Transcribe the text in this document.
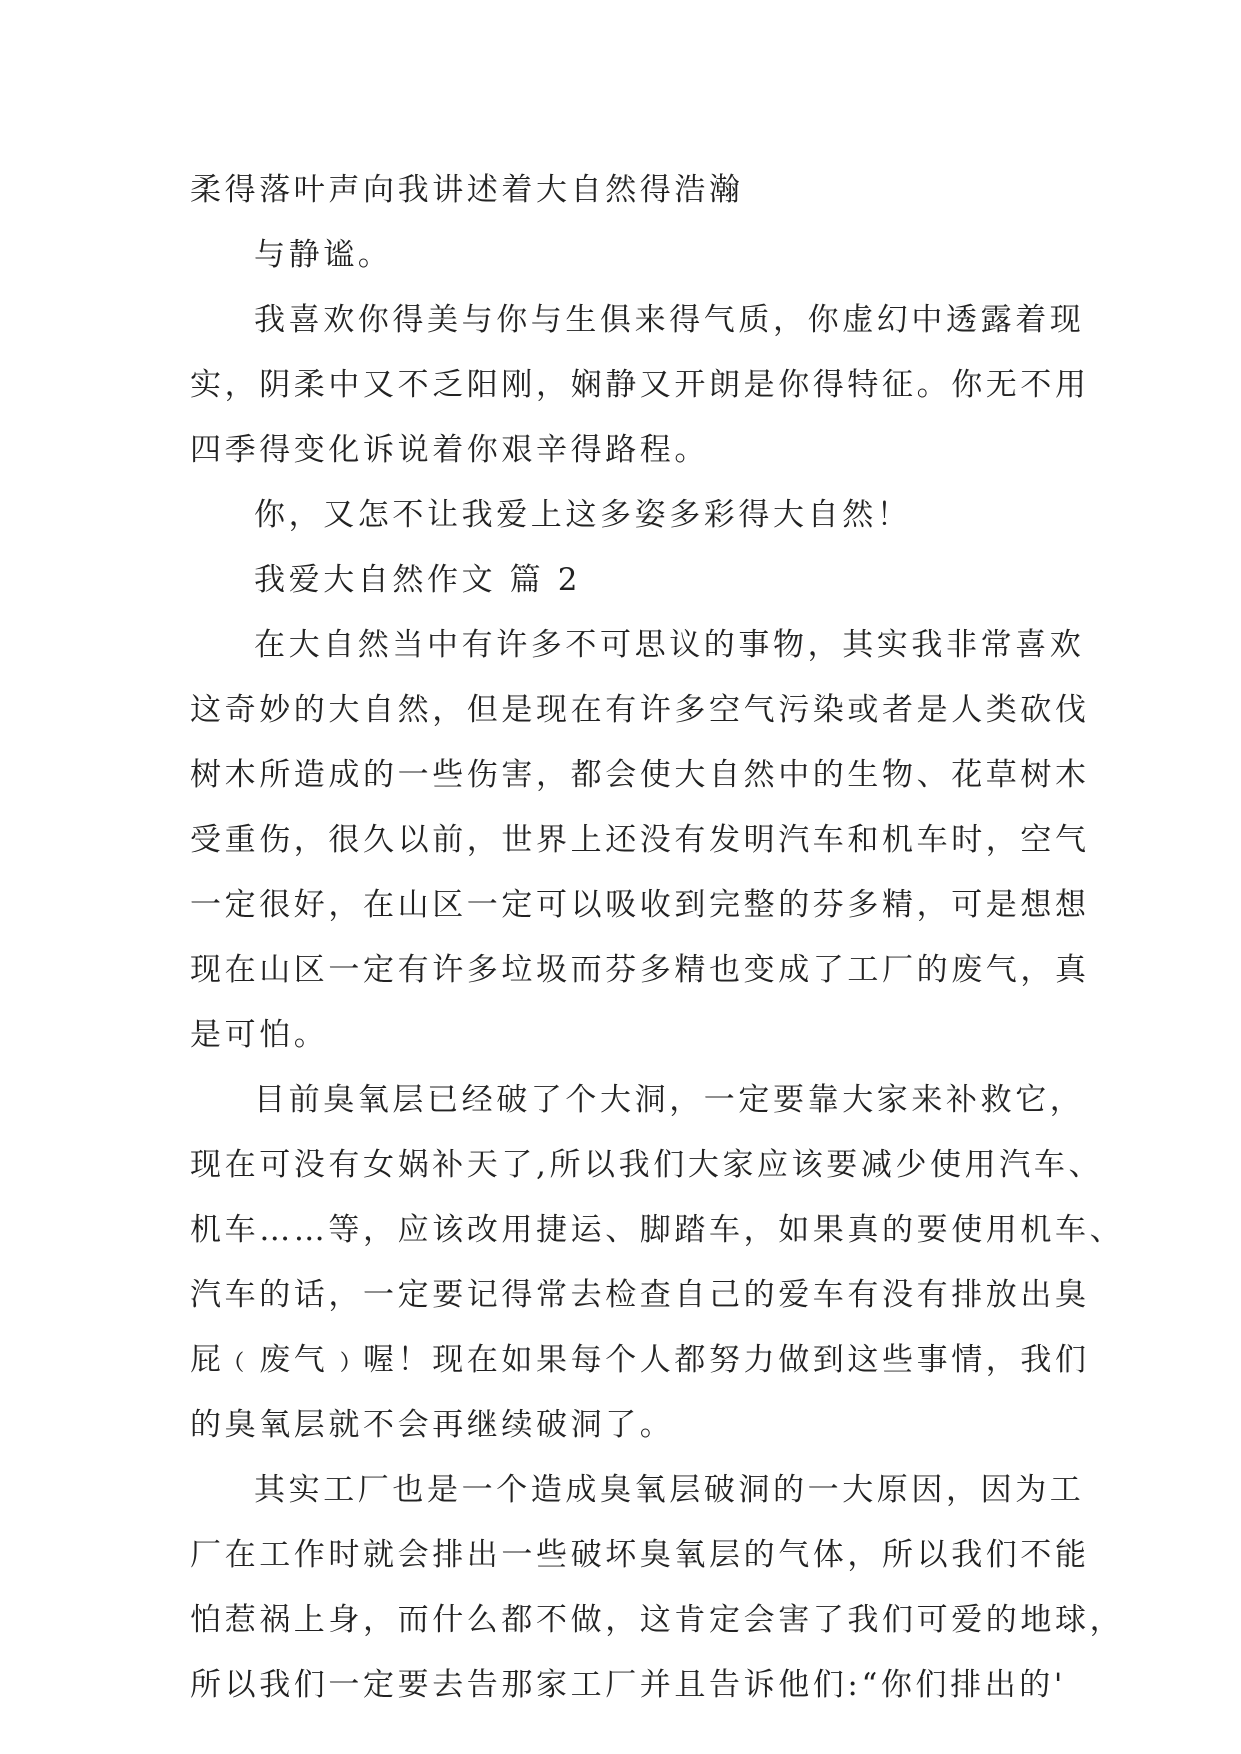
柔得落叶声向我讲述着大自然得浩瀚
与静谧。
我喜欢你得美与你与生俱来得气质，你虚幻中透露着现
实，阴柔中又不乏阳刚，娴静又开朗是你得特征。你无不用
四季得变化诉说着你艰辛得路程。
你，又怎不让我爱上这多姿多彩得大自然！
我爱大自然作文 篇 2
在大自然当中有许多不可思议的事物，其实我非常喜欢
这奇妙的大自然，但是现在有许多空气污染或者是人类砍伐
树木所造成的一些伤害，都会使大自然中的生物、花草树木
受重伤，很久以前，世界上还没有发明汽车和机车时，空气
一定很好，在山区一定可以吸收到完整的芬多精，可是想想
现在山区一定有许多垃圾而芬多精也变成了工厂的废气，真
是可怕。
目前臭氧层已经破了个大洞，一定要靠大家来补救它，
现在可没有女娲补天了,所以我们大家应该要减少使用汽车、
机车……等，应该改用捷运、脚踏车，如果真的要使用机车、
汽车的话，一定要记得常去检查自己的爱车有没有排放出臭
屁﹙废气﹚喔！现在如果每个人都努力做到这些事情，我们
的臭氧层就不会再继续破洞了。
其实工厂也是一个造成臭氧层破洞的一大原因，因为工
厂在工作时就会排出一些破坏臭氧层的气体，所以我们不能
怕惹祸上身，而什么都不做，这肯定会害了我们可爱的地球，
所以我们一定要去告那家工厂并且告诉他们:“你们排出的'
